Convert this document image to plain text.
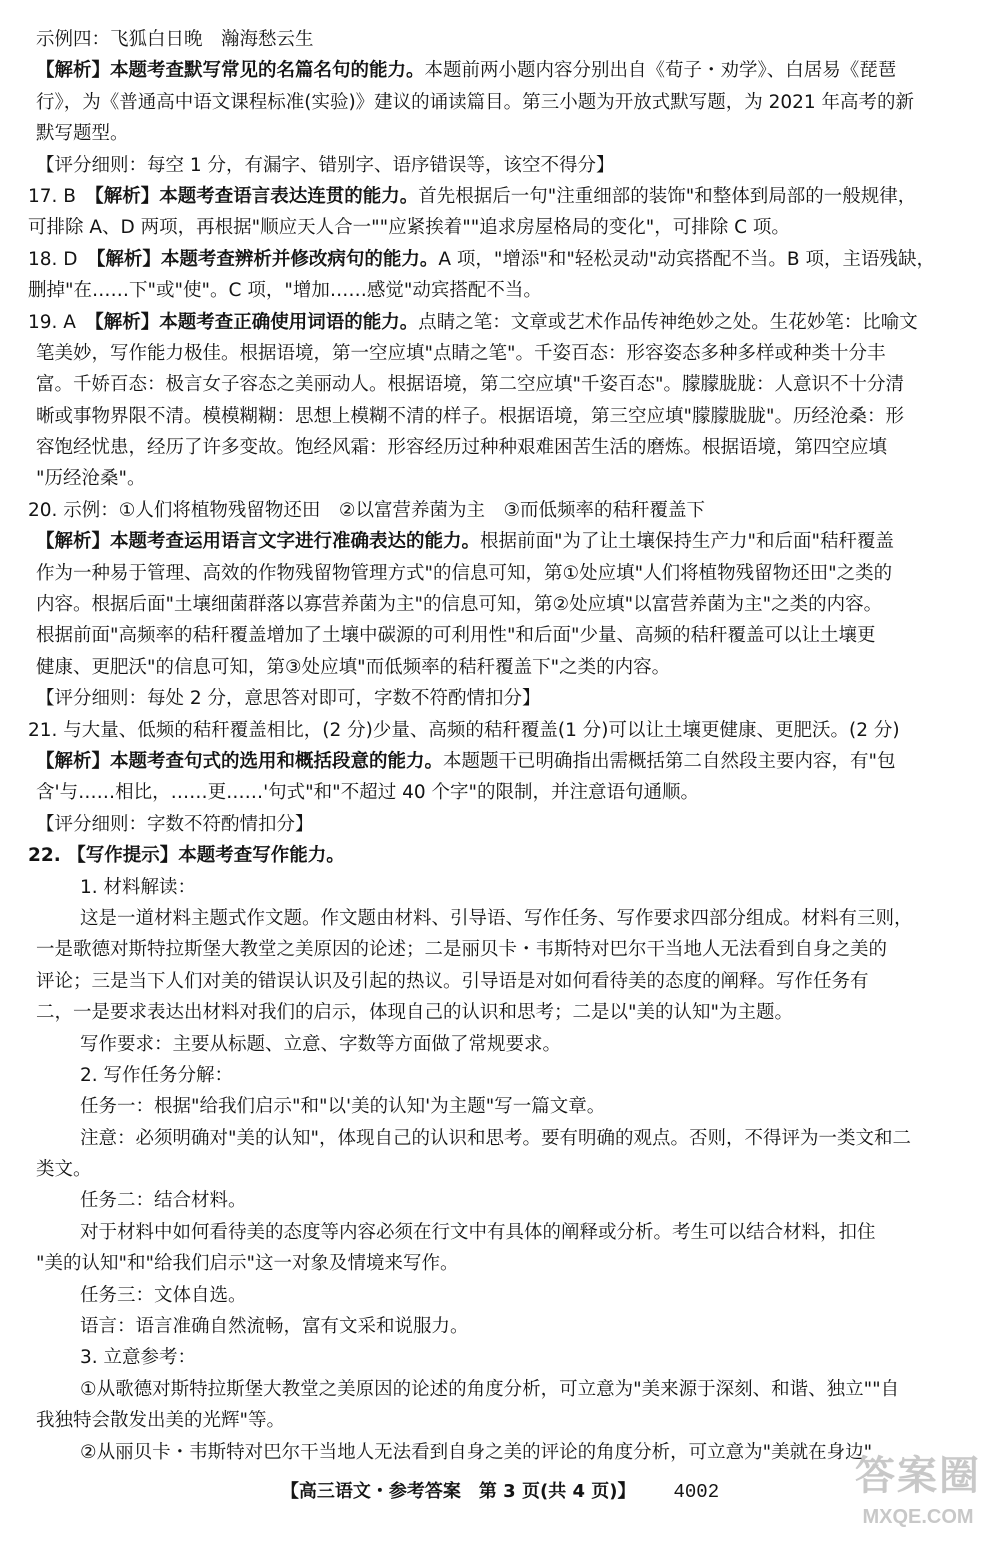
示例四：飞狐白日晚　瀚海愁云生
【解析】本题考查默写常见的名篇名句的能力。本题前两小题内容分别出自《荀子・劝学》、白居易《琵琶
行》，为《普通高中语文课程标准(实验)》建议的诵读篇目。第三小题为开放式默写题，为 2021 年高考的新
默写题型。
【评分细则：每空 1 分，有漏字、错别字、语序错误等，该空不得分】
17. B　【解析】本题考查语言表达连贯的能力。首先根据后一句"注重细部的装饰"和整体到局部的一般规律，
可排除 A、D 两项，再根据"顺应天人合一""应紧挨着""追求房屋格局的变化"，可排除 C 项。
18. D　【解析】本题考查辨析并修改病句的能力。A 项，"增添"和"轻松灵动"动宾搭配不当。B 项，主语残缺，
删掉"在……下"或"使"。C 项，"增加……感觉"动宾搭配不当。
19. A　【解析】本题考查正确使用词语的能力。点睛之笔：文章或艺术作品传神绝妙之处。生花妙笔：比喻文
笔美妙，写作能力极佳。根据语境，第一空应填"点睛之笔"。千姿百态：形容姿态多种多样或种类十分丰
富。千娇百态：极言女子容态之美丽动人。根据语境，第二空应填"千姿百态"。朦朦胧胧：人意识不十分清
晰或事物界限不清。模模糊糊：思想上模糊不清的样子。根据语境，第三空应填"朦朦胧胧"。历经沧桑：形
容饱经忧患，经历了许多变故。饱经风霜：形容经历过种种艰难困苦生活的磨炼。根据语境，第四空应填
"历经沧桑"。
20. 示例：①人们将植物残留物还田　②以富营养菌为主　③而低频率的秸秆覆盖下
【解析】本题考查运用语言文字进行准确表达的能力。根据前面"为了让土壤保持生产力"和后面"秸秆覆盖
作为一种易于管理、高效的作物残留物管理方式"的信息可知，第①处应填"人们将植物残留物还田"之类的
内容。根据后面"土壤细菌群落以寡营养菌为主"的信息可知，第②处应填"以富营养菌为主"之类的内容。
根据前面"高频率的秸秆覆盖增加了土壤中碳源的可利用性"和后面"少量、高频的秸秆覆盖可以让土壤更
健康、更肥沃"的信息可知，第③处应填"而低频率的秸秆覆盖下"之类的内容。
【评分细则：每处 2 分，意思答对即可，字数不符酌情扣分】
21. 与大量、低频的秸秆覆盖相比，(2 分)少量、高频的秸秆覆盖(1 分)可以让土壤更健康、更肥沃。(2 分)
【解析】本题考查句式的选用和概括段意的能力。本题题干已明确指出需概括第二自然段主要内容，有"包
含'与……相比，……更……'句式"和"不超过 40 个字"的限制，并注意语句通顺。
【评分细则：字数不符酌情扣分】
22. 【写作提示】本题考查写作能力。
1. 材料解读：
这是一道材料主题式作文题。作文题由材料、引导语、写作任务、写作要求四部分组成。材料有三则，
一是歌德对斯特拉斯堡大教堂之美原因的论述；二是丽贝卡・韦斯特对巴尔干当地人无法看到自身之美的
评论；三是当下人们对美的错误认识及引起的热议。引导语是对如何看待美的态度的阐释。写作任务有
二，一是要求表达出材料对我们的启示，体现自己的认识和思考；二是以"美的认知"为主题。
写作要求：主要从标题、立意、字数等方面做了常规要求。
2. 写作任务分解：
任务一：根据"给我们启示"和"以'美的认知'为主题"写一篇文章。
注意：必须明确对"美的认知"，体现自己的认识和思考。要有明确的观点。否则，不得评为一类文和二
类文。
任务二：结合材料。
对于材料中如何看待美的态度等内容必须在行文中有具体的阐释或分析。考生可以结合材料，扣住
"美的认知"和"给我们启示"这一对象及情境来写作。
任务三：文体自选。
语言：语言准确自然流畅，富有文采和说服力。
3. 立意参考：
①从歌德对斯特拉斯堡大教堂之美原因的论述的角度分析，可立意为"美来源于深刻、和谐、独立""自
我独特会散发出美的光辉"等。
②从丽贝卡・韦斯特对巴尔干当地人无法看到自身之美的评论的角度分析，可立意为"美就在身边"
【高三语文・参考答案　第 3 页(共 4 页)】 4002	答案圈
MXQE.COM
